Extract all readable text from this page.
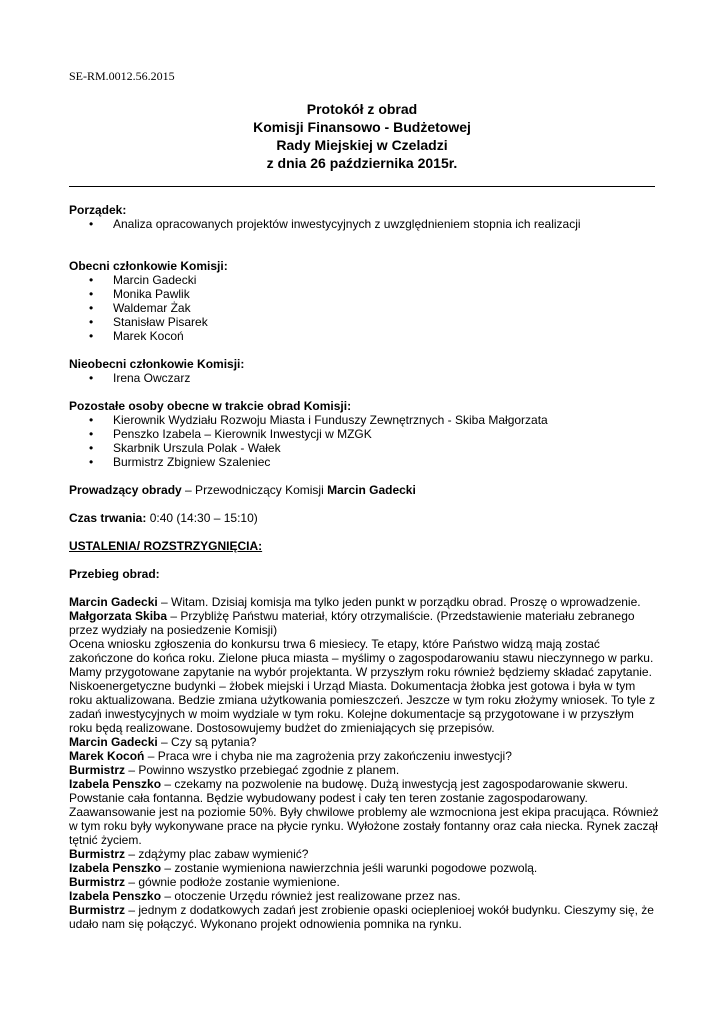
SE-RM.0012.56.2015
Protokół z obrad
Komisji Finansowo - Budżetowej
Rady Miejskiej w Czeladzi
z dnia 26 października 2015r.

Porządek:

• Analiza opracowanych projektów inwestycyjnych z uwzględnieniem stopnia ich realizacji

Obecni członkowie Komisji:

• Marcin Gadecki
• Monika Pawlik
• Waldemar Żak
• Stanisław Pisarek
• Marek Kocoń

Nieobecni członkowie Komisji:

• Irena Owczarz

Pozostałe osoby obecne w trakcie obrad Komisji:

• Kierownik Wydziału Rozwoju Miasta i Funduszy Zewnętrznych - Skiba Małgorzata
• Penszko Izabela – Kierownik Inwestycji w MZGK
• Skarbnik Urszula Polak - Wałek
• Burmistrz Zbigniew Szaleniec

Prowadzący obrady – Przewodniczący Komisji Marcin Gadecki

Czas trwania: 0:40 (14:30 – 15:10)

USTALENIA/ ROZSTRZYGNIĘCIA:

Przebieg obrad:

Marcin Gadecki – Witam. Dzisiaj komisja ma tylko jeden punkt w porządku obrad. Proszę o wprowadzenie.

Małgorzata Skiba – Przybliżę Państwu materiał, który otrzymaliście. (Przedstawienie materiału zebranego przez wydziały na posiedzenie Komisji)

Ocena wniosku zgłoszenia do konkursu trwa 6 miesiecy. Te etapy, które Państwo widzą mają zostać zakończone do końca roku. Zielone płuca miasta – myślimy o zagospodarowaniu stawu nieczynnego w parku. Mamy przygotowane zapytanie na wybór projektanta. W przyszłym roku również będziemy składać zapytanie. Niskoenergetyczne budynki – żłobek miejski i Urząd Miasta. Dokumentacja żłobka jest gotowa i była w tym roku aktualizowana. Bedzie zmiana użytkowania pomieszczeń. Jeszcze w tym roku złożymy wniosek. To tyle z zadań inwestycyjnych w moim wydziale w tym roku. Kolejne dokumentacje są przygotowane i w przyszłym roku będą realizowane. Dostosowujemy budżet do zmieniających się przepisów.

Marcin Gadecki – Czy są pytania?

Marek Kocoń – Praca wre i chyba nie ma zagrożenia przy zakończeniu inwestycji?

Burmistrz – Powinno wszystko przebiegać zgodnie z planem.

Izabela Penszko – czekamy na pozwolenie na budowę. Dużą inwestycją jest zagospodarowanie skweru. Powstanie cała fontanna. Będzie wybudowany podest i cały ten teren zostanie zagospodarowany. Zaawansowanie jest na poziomie 50%. Były chwilowe problemy ale wzmocniona jest ekipa pracująca. Również w tym roku były wykonywane prace na płycie rynku. Wyłożone zostały fontanny oraz cała niecka. Rynek zaczął tętnić życiem.

Burmistrz – zdążymy plac zabaw wymienić?

Izabela Penszko – zostanie wymieniona nawierzchnia jeśli warunki pogodowe pozwolą.

Burmistrz – gównie podłoże zostanie wymienione.

Izabela Penszko – otoczenie Urzędu również jest realizowane przez nas.

Burmistrz – jednym z dodatkowych zadań jest zrobienie opaski ocieplenioej wokół budynku. Cieszymy się, że udało nam się połączyć. Wykonano projekt odnowienia pomnika na rynku.
